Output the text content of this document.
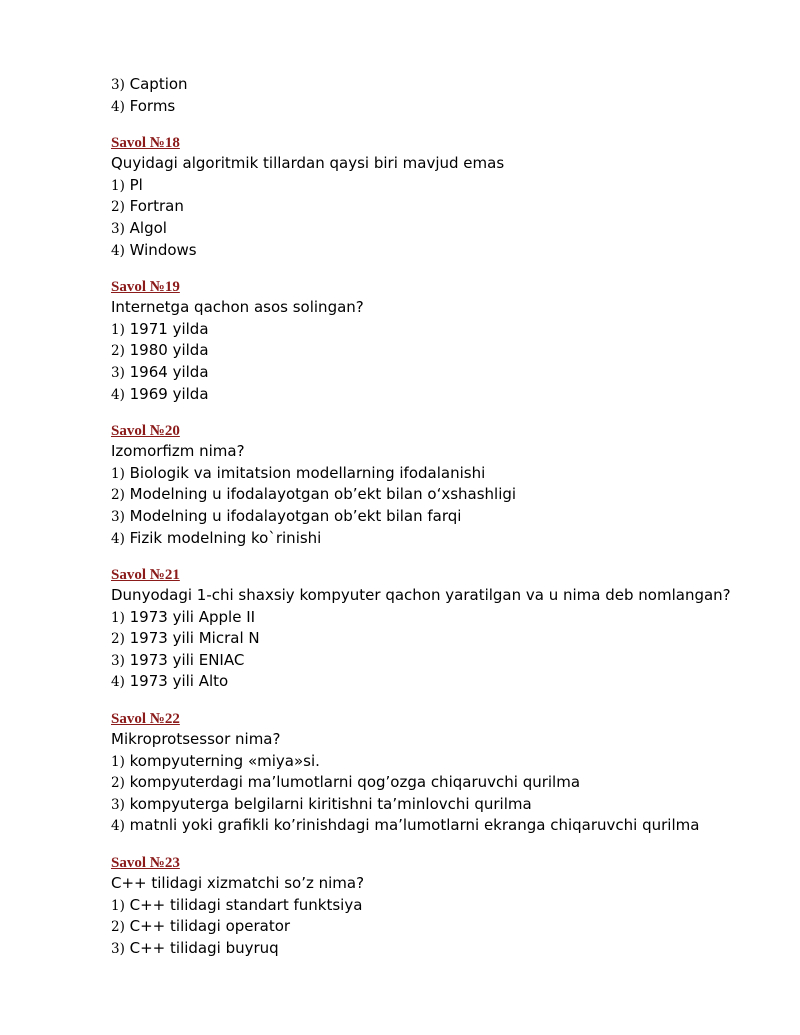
3) Caption
4) Forms
Savol №18
Quyidagi algoritmik tillardan qaysi biri mavjud emas
1) Pl
2) Fortran
3) Algol
4) Windows
Savol №19
Internetga qachon asos solingan?
1) 1971 yilda
2) 1980 yilda
3) 1964 yilda
4) 1969 yilda
Savol №20
Izomorfizm nima?
1) Biologik va imitatsion modellarning ifodalanishi
2) Modelning u ifodalayotgan ob’ekt bilan o‘xshashligi
3) Modelning u ifodalayotgan ob’ekt bilan farqi
4) Fizik modelning ko`rinishi
Savol №21
Dunyodagi 1-chi shaxsiy kompyuter qachon yaratilgan va u nima deb nomlangan?
1) 1973 yili Apple II
2) 1973 yili Micral N
3) 1973 yili ENIAC
4) 1973 yili Alto
Savol №22
Mikroprotsessor nima?
1) kompyuterning «miya»si.
2) kompyuterdagi ma’lumotlarni qog’ozga chiqaruvchi qurilma
3) kompyuterga belgilarni kiritishni ta’minlovchi qurilma
4) matnli yoki grafikli ko’rinishdagi ma’lumotlarni ekranga chiqaruvchi qurilma
Savol №23
C++ tilidagi xizmatchi so’z nima?
1) C++ tilidagi standart funktsiya
2) C++ tilidagi operator
3) C++ tilidagi buyruq
